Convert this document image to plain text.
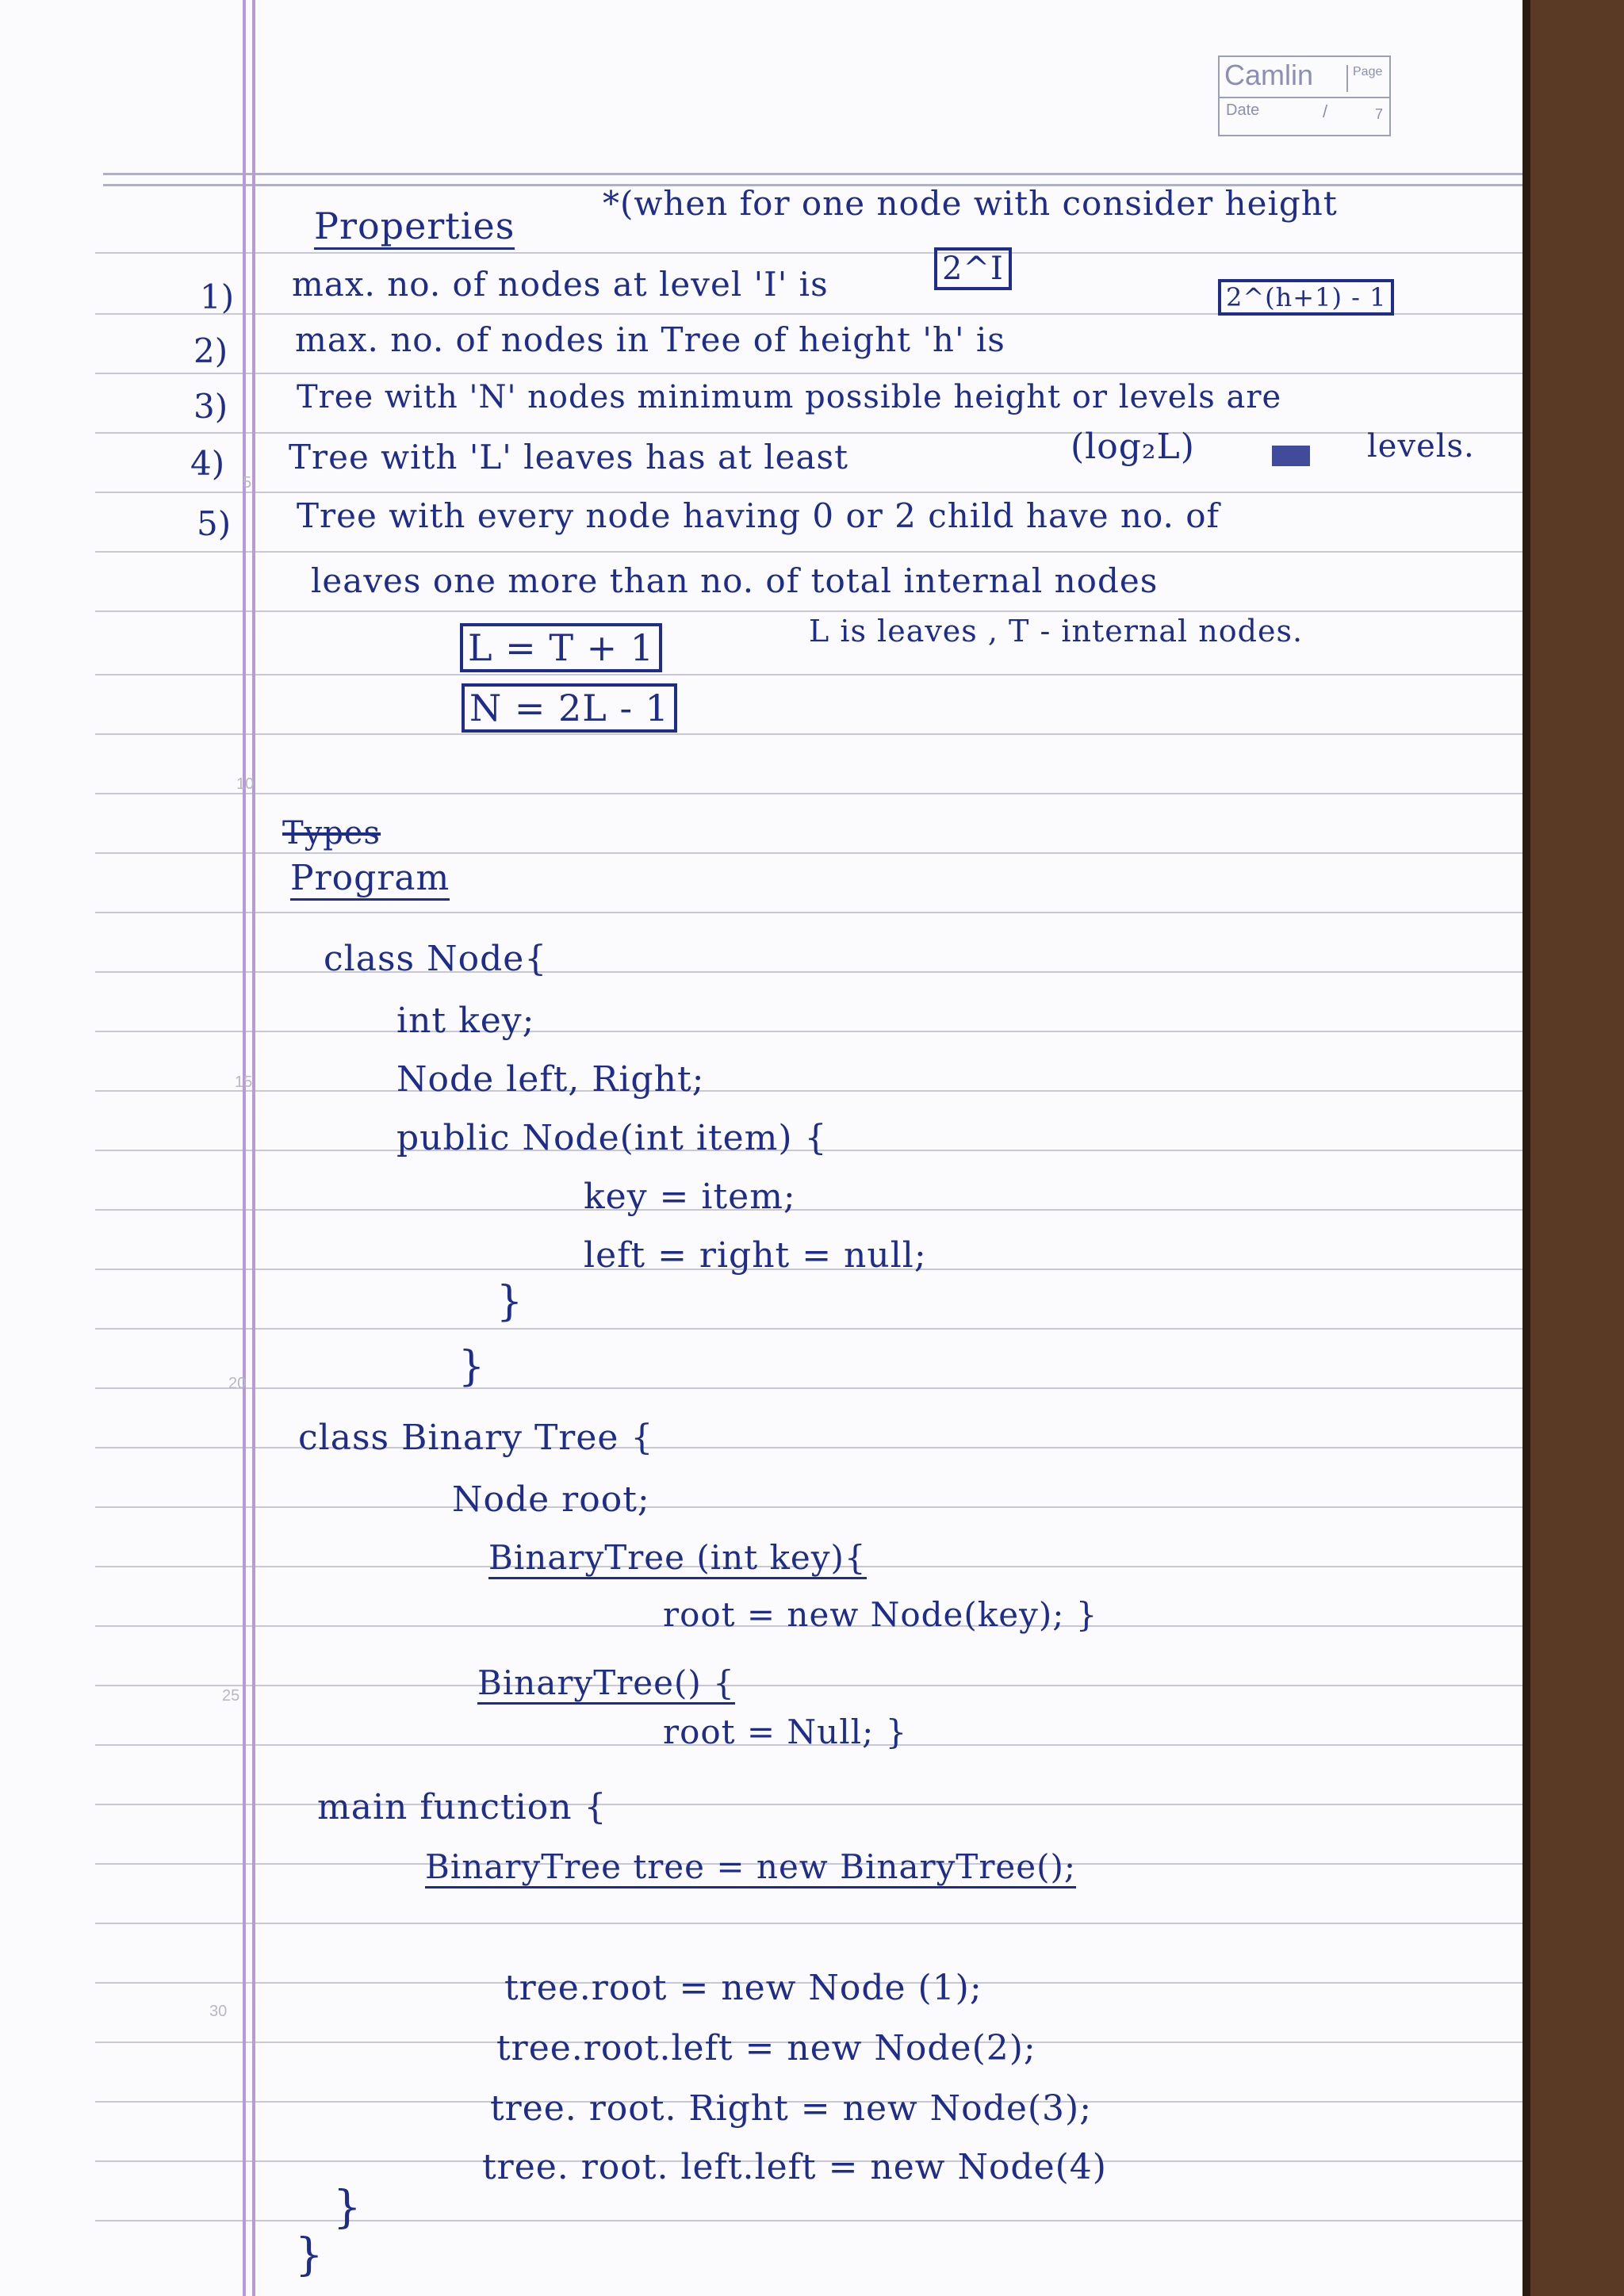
Camlin	Page
Date	/	7
5
10
15
20
25
30
Properties
*(when for one node with consider height
1) max. no. of nodes at level 'I' is	2^I
2) max. no. of nodes in Tree of height 'h' is
2^(h+1) - 1
3) Tree with 'N' nodes minimum possible height or levels are
4) Tree with 'L' leaves has at least	(log₂L)	levels.
5) Tree with every node having 0 or 2 child have no. of
leaves one more than no. of total internal nodes
L = T + 1	L is leaves , T - internal nodes.
N = 2L - 1
Types
Program
class Node{
int key;
Node left, Right;
public Node(int item) {
key = item;
left = right = null;
}
}
class Binary Tree {
Node root;
BinaryTree (int key){
root = new Node(key); }
BinaryTree() {
root = Null; }
main function {
BinaryTree tree = new BinaryTree();
tree.root = new Node (1);
tree.root.left = new Node(2);
tree. root. Right = new Node(3);
tree. root. left.left = new Node(4)
}
}
